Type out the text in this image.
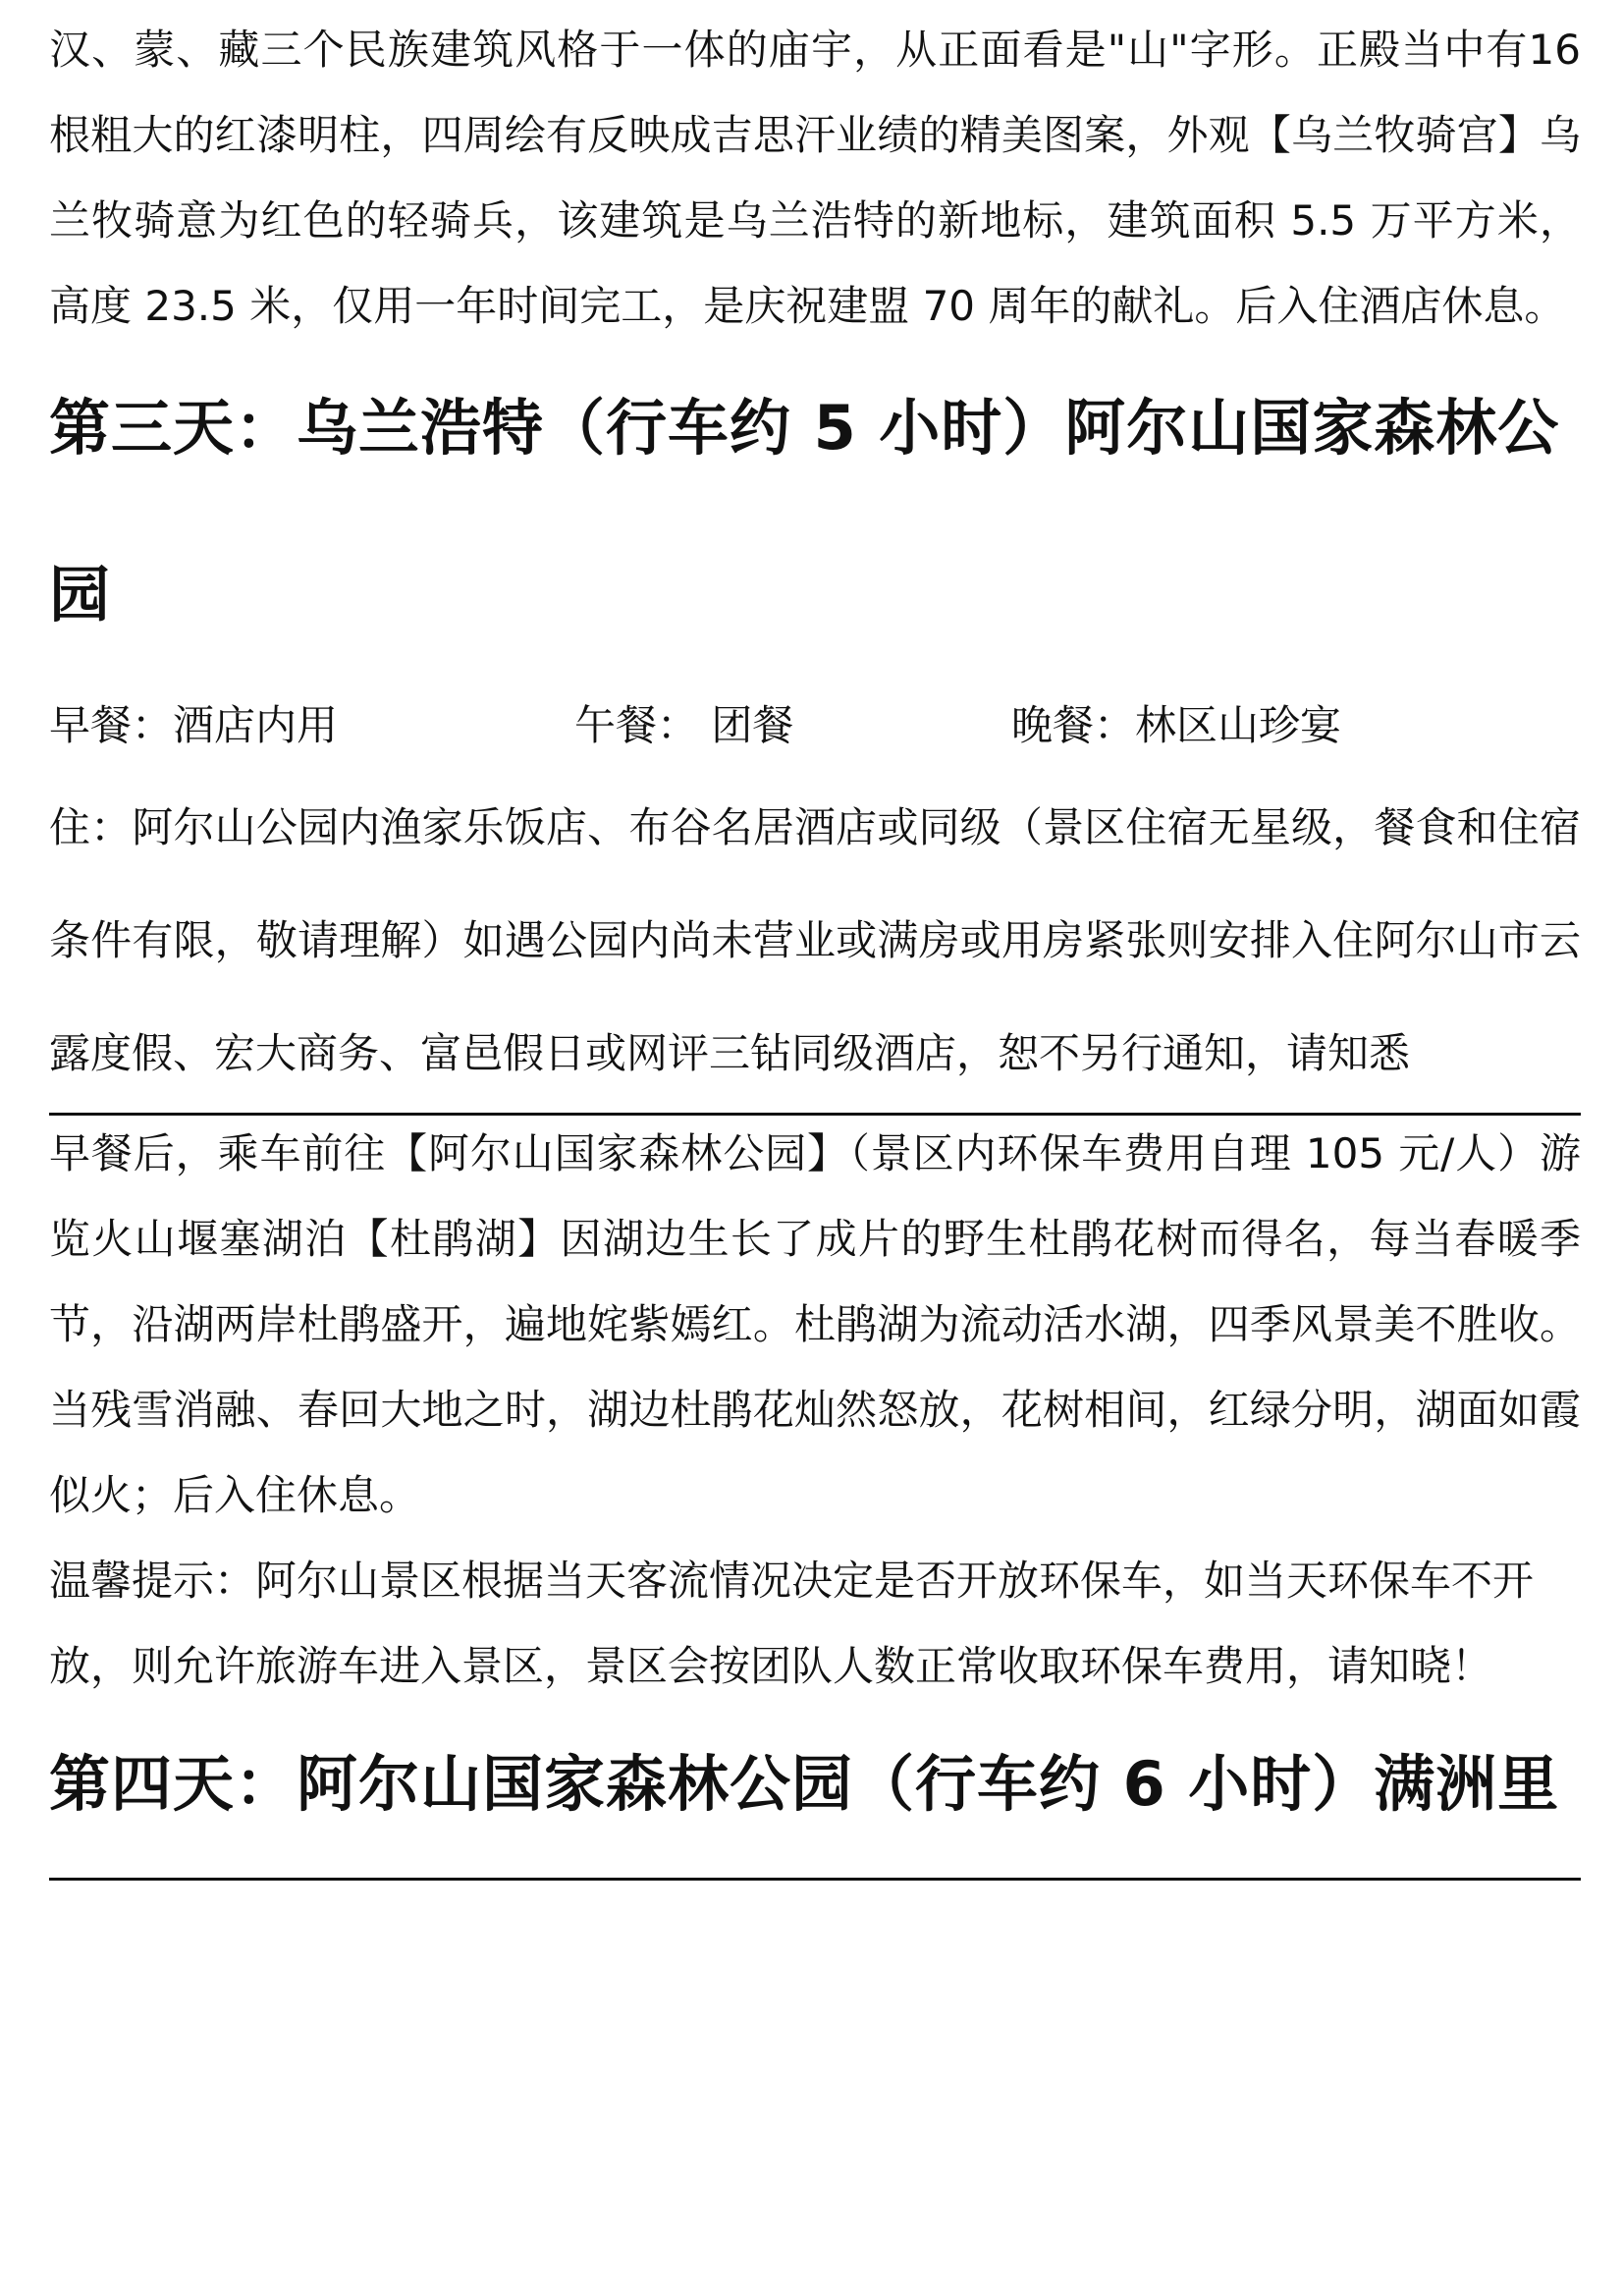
汉、蒙、藏三个民族建筑风格于一体的庙宇，从正面看是"山"字形。正殿当中有16 根粗大的红漆明柱，四周绘有反映成吉思汗业绩的精美图案，外观【乌兰牧骑宫】乌兰牧骑意为红色的轻骑兵，该建筑是乌兰浩特的新地标，建筑面积 5.5 万平方米，高度 23.5 米，仅用一年时间完工，是庆祝建盟 70 周年的献礼。后入住酒店休息。

第三天：乌兰浩特（行车约 5 小时）阿尔山国家森林公园
早餐：酒店内用	午餐： 团餐	晚餐：林区山珍宴

住：阿尔山公园内渔家乐饭店、布谷名居酒店或同级（景区住宿无星级，餐食和住宿条件有限，敬请理解）如遇公园内尚未营业或满房或用房紧张则安排入住阿尔山市云露度假、宏大商务、富邑假日或网评三钻同级酒店，恕不另行通知，请知悉

早餐后，乘车前往【阿尔山国家森林公园】（景区内环保车费用自理 105 元/人）游览火山堰塞湖泊【杜鹃湖】因湖边生长了成片的野生杜鹃花树而得名，每当春暖季节，沿湖两岸杜鹃盛开，遍地姹紫嫣红。杜鹃湖为流动活水湖，四季风景美不胜收。当残雪消融、春回大地之时，湖边杜鹃花灿然怒放，花树相间，红绿分明，湖面如霞似火；后入住休息。

温馨提示：阿尔山景区根据当天客流情况决定是否开放环保车，如当天环保车不开放，则允许旅游车进入景区，景区会按团队人数正常收取环保车费用，请知晓！

第四天：阿尔山国家森林公园（行车约 6 小时）满洲里
